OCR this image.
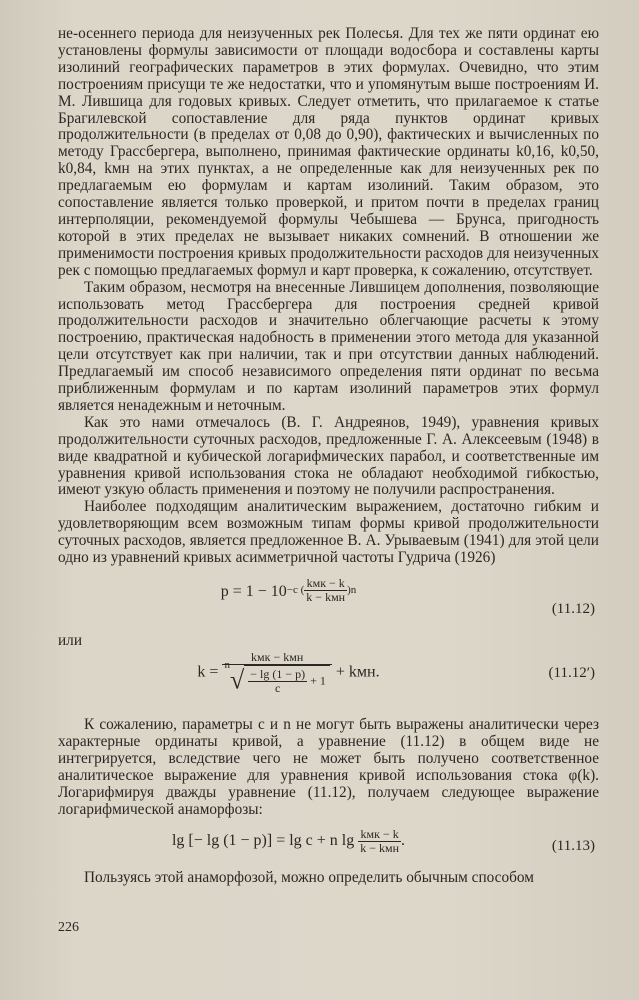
не-осеннего периода для неизученных рек Полесья. Для тех же пяти ординат ею установлены формулы зависимости от площади водосбора и составлены карты изолиний географических параметров в этих формулах. Очевидно, что этим построениям присущи те же недостатки, что и упомянутым выше построениям И. М. Лившица для годовых кривых. Следует отметить, что прилагаемое к статье Брагилевской сопоставление для ряда пунктов ординат кривых продолжительности (в пределах от 0,08 до 0,90), фактических и вычисленных по методу Грассбергера, выполнено, принимая фактические ординаты k0,16, k0,50, k0,84, kмн на этих пунктах, а не определенные как для неизученных рек по предлагаемым ею формулам и картам изолиний. Таким образом, это сопоставление является только проверкой, и притом почти в пределах границ интерполяции, рекомендуемой формулы Чебышева — Брунса, пригодность которой в этих пределах не вызывает никаких сомнений. В отношении же применимости построения кривых продолжительности расходов для неизученных рек с помощью предлагаемых формул и карт проверка, к сожалению, отсутствует.

Таким образом, несмотря на внесенные Лившицем дополнения, позволяющие использовать метод Грассбергера для построения средней кривой продолжительности расходов и значительно облегчающие расчеты к этому построению, практическая надобность в применении этого метода для указанной цели отсутствует как при наличии, так и при отсутствии данных наблюдений. Предлагаемый им способ независимого определения пяти ординат по весьма приближенным формулам и по картам изолиний параметров этих формул является ненадежным и неточным.

Как это нами отмечалось (В. Г. Андреянов, 1949), уравнения кривых продолжительности суточных расходов, предложенные Г. А. Алексеевым (1948) в виде квадратной и кубической логарифмических парабол, и соответственные им уравнения кривой использования стока не обладают необходимой гибкостью, имеют узкую область применения и поэтому не получили распространения.

Наиболее подходящим аналитическим выражением, достаточно гибким и удовлетворяющим всем возможным типам формы кривой продолжительности суточных расходов, является предложенное В. А. Урываевым (1941) для этой цели одно из уравнений кривых асимметричной частоты Гудрича (1926)

$p = 1 - 10^{-c ( \frac{\text{kмк − k}}{\text{k − kмн}} )n}$
(11.12)

или

$k = \frac{\text{kмк − kмн}}{n√ \frac{- \lg (1 - p)}{c} + 1}$ + kмн.	(11.12′)

К сожалению, параметры c и n не могут быть выражены аналитически через характерные ординаты кривой, а уравнение (11.12) в общем виде не интегрируется, вследствие чего не может быть получено соответственное аналитическое выражение для уравнения кривой использования стока φ(k). Логарифмируя дважды уравнение (11.12), получаем следующее выражение логарифмической анаморфозы:

lg [− lg (1 − p)] = lg c + n $\lg \frac{\text{kмк − k}}{\text{k − kмн}}$ .	(11.13)

Пользуясь этой анаморфозой, можно определить обычным способом

226
